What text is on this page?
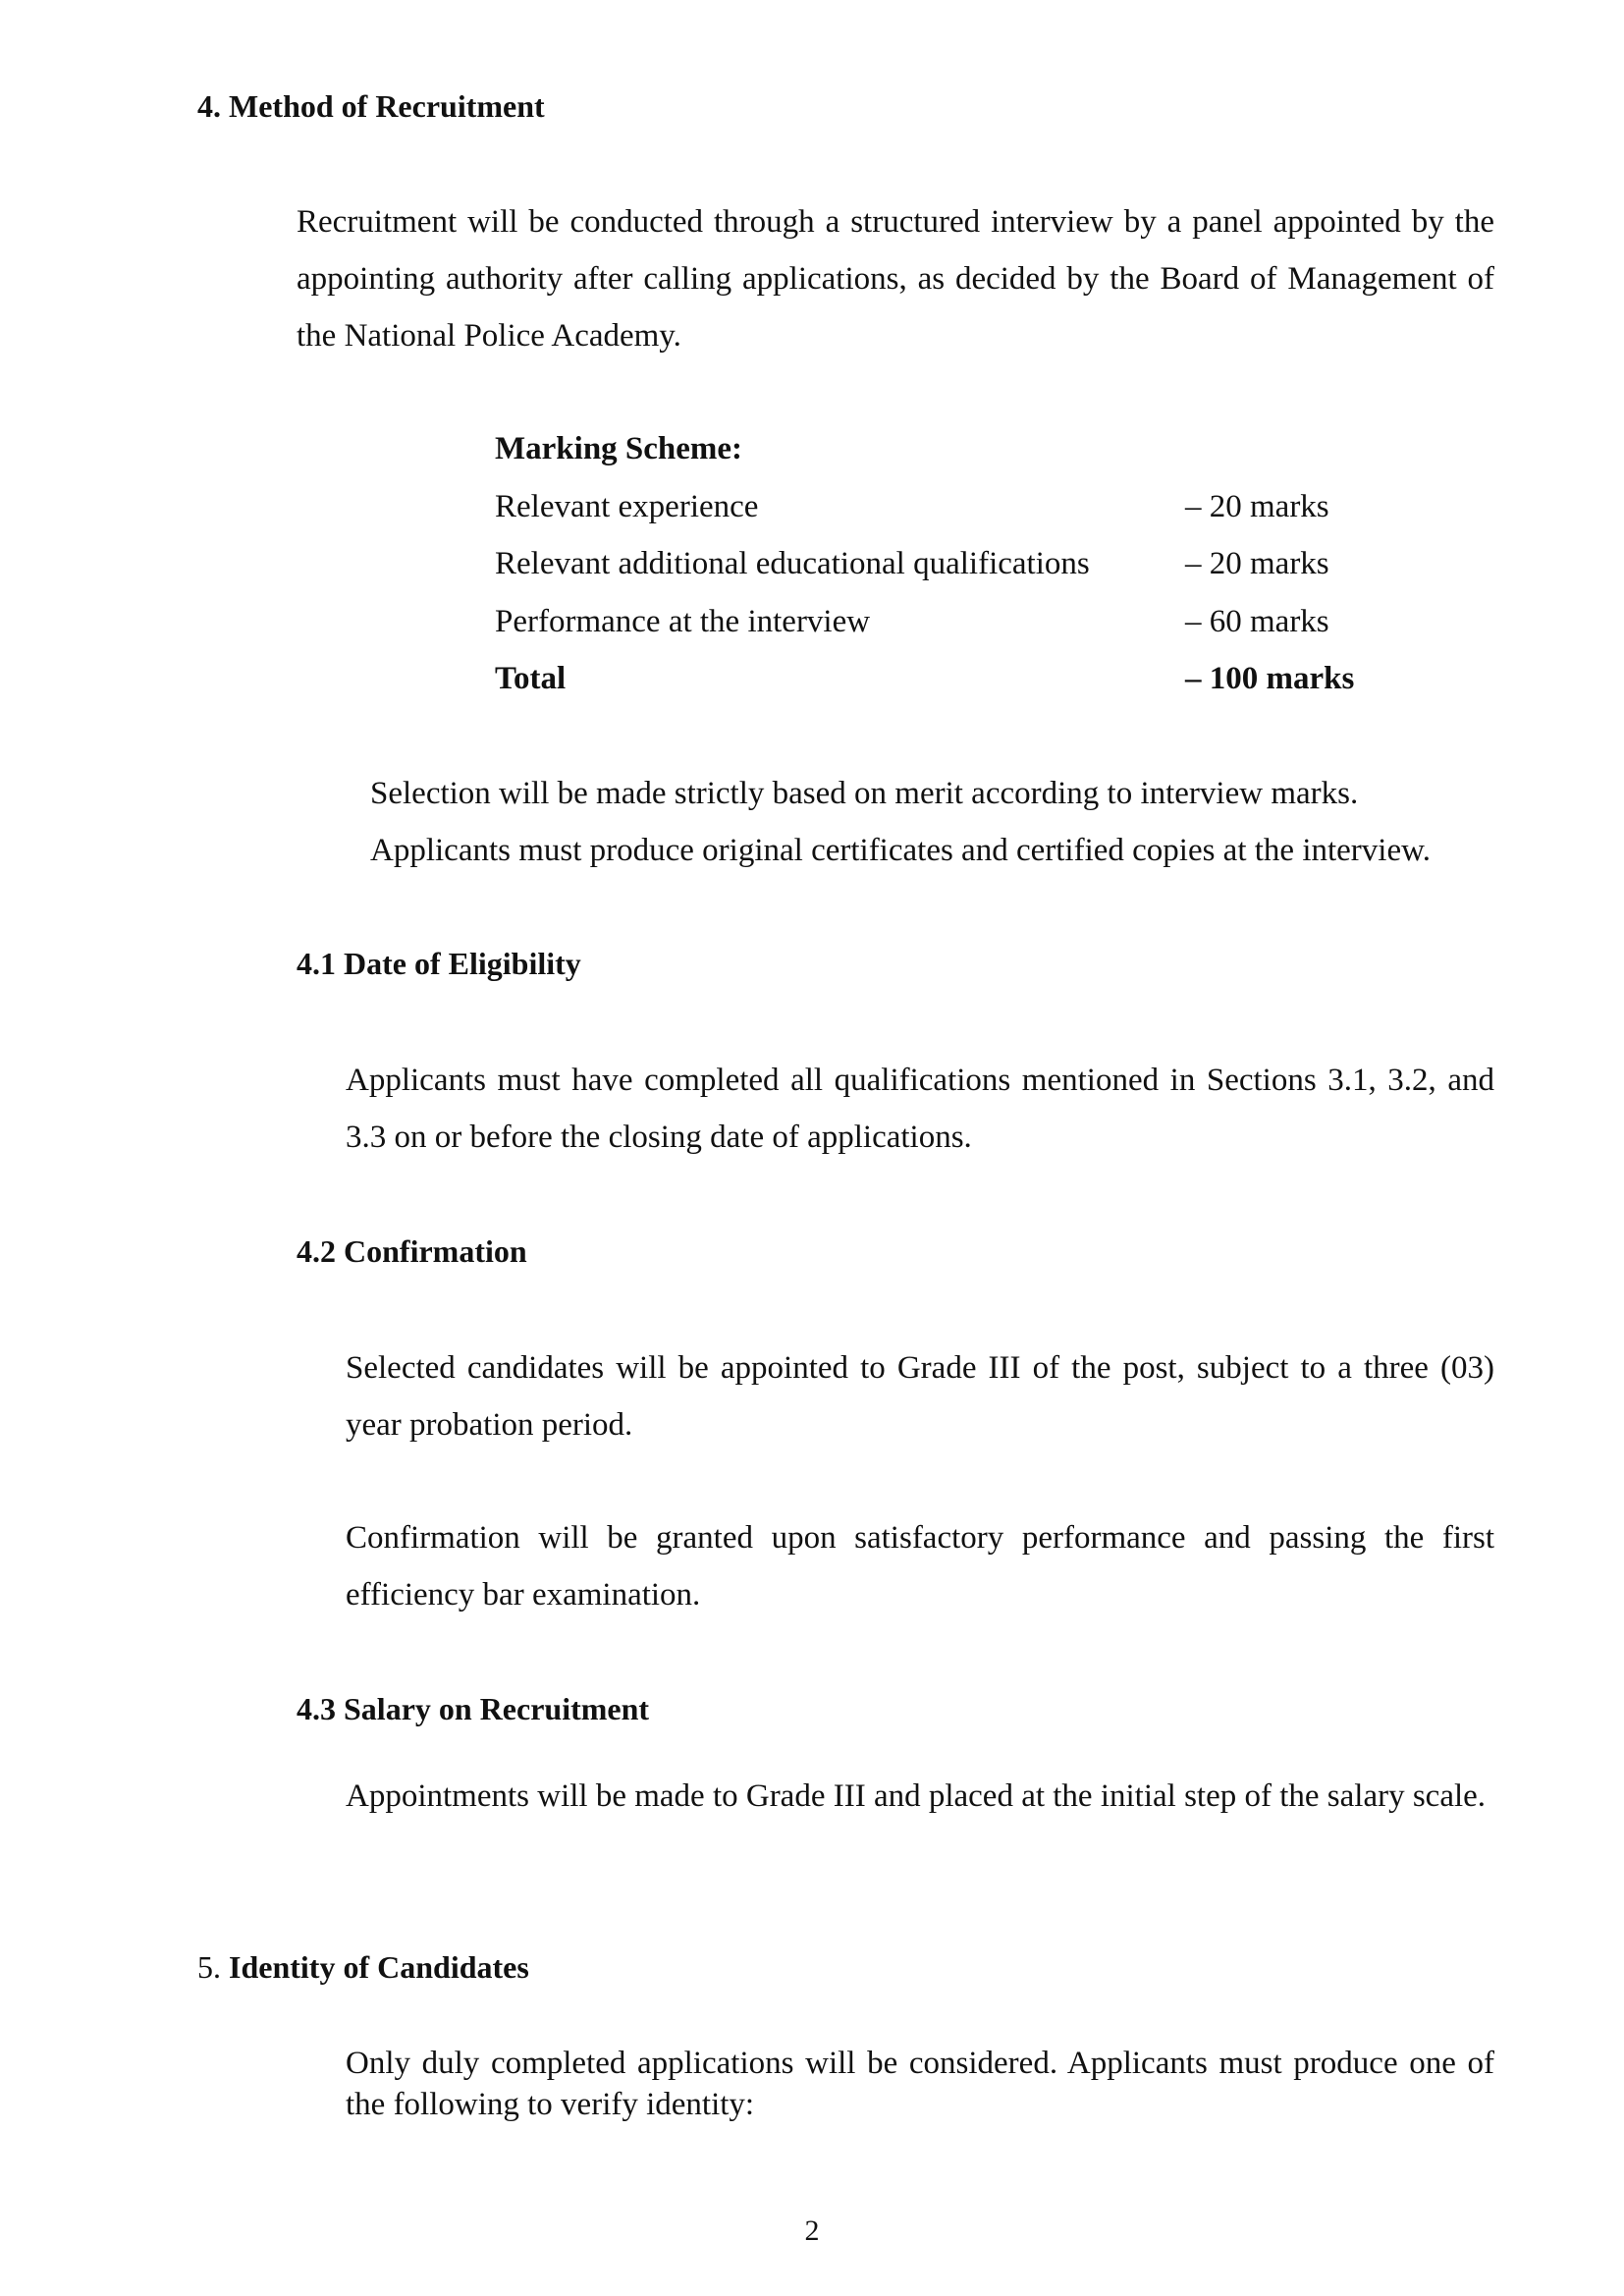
4. Method of Recruitment
Recruitment will be conducted through a structured interview by a panel appointed by the appointing authority after calling applications, as decided by the Board of Management of the National Police Academy.
Marking Scheme:
Relevant experience	– 20 marks
Relevant additional educational qualifications	– 20 marks
Performance at the interview	– 60 marks
Total	– 100 marks
Selection will be made strictly based on merit according to interview marks.
Applicants must produce original certificates and certified copies at the interview.
4.1 Date of Eligibility
Applicants must have completed all qualifications mentioned in Sections 3.1, 3.2, and 3.3 on or before the closing date of applications.
4.2 Confirmation
Selected candidates will be appointed to Grade III of the post, subject to a three (03) year probation period.
Confirmation will be granted upon satisfactory performance and passing the first efficiency bar examination.
4.3 Salary on Recruitment
Appointments will be made to Grade III and placed at the initial step of the salary scale.
5. Identity of Candidates
Only duly completed applications will be considered. Applicants must produce one of the following to verify identity:
2
